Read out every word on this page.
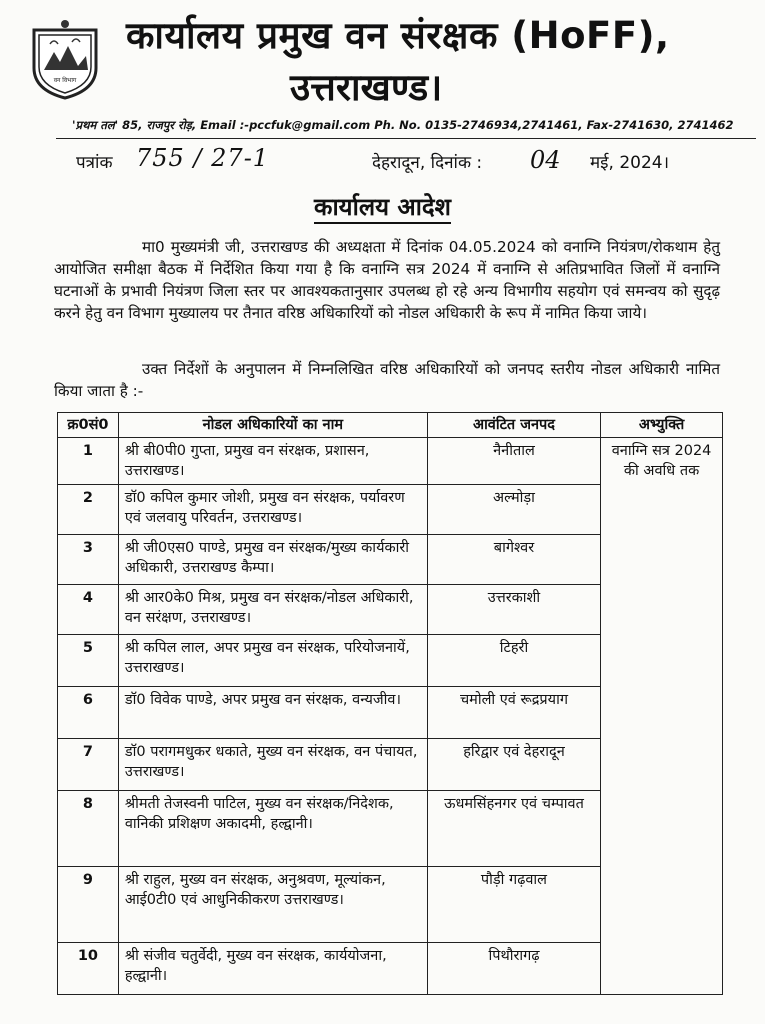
वन विभाग
कार्यालय प्रमुख वन संरक्षक (HoFF),
उत्तराखण्ड।
'प्रथम तल' 85, राजपुर रोड़, Email :-pccfuk@gmail.com Ph. No. 0135-2746934,2741461, Fax-2741630, 2741462
पत्रांक 755 / 27-1	देहरादून, दिनांक : 04 मई, 2024।
कार्यालय आदेश
मा0 मुख्यमंत्री जी, उत्तराखण्ड की अध्यक्षता में दिनांक 04.05.2024 को वनाग्नि नियंत्रण/रोकथाम हेतु आयोजित समीक्षा बैठक में निर्देशित किया गया है कि वनाग्नि सत्र 2024 में वनाग्नि से अतिप्रभावित जिलों में वनाग्नि घटनाओं के प्रभावी नियंत्रण जिला स्तर पर आवश्यकतानुसार उपलब्ध हो रहे अन्य विभागीय सहयोग एवं समन्वय को सुदृढ़ करने हेतु वन विभाग मुख्यालय पर तैनात वरिष्ठ अधिकारियों को नोडल अधिकारी के रूप में नामित किया जाये।
उक्त निर्देशों के अनुपालन में निम्नलिखित वरिष्ठ अधिकारियों को जनपद स्तरीय नोडल अधिकारी नामित किया जाता है :-
क्र0सं0	नोडल अधिकारियों का नाम	आवंटित जनपद	अभ्युक्ति
1	श्री बी0पी0 गुप्ता, प्रमुख वन संरक्षक, प्रशासन, उत्तराखण्ड।	नैनीताल	वनाग्नि सत्र 2024 की अवधि तक
2	डॉ0 कपिल कुमार जोशी, प्रमुख वन संरक्षक, पर्यावरण एवं जलवायु परिवर्तन, उत्तराखण्ड।	अल्मोड़ा	
3	श्री जी0एस0 पाण्डे, प्रमुख वन संरक्षक/मुख्य कार्यकारी अधिकारी, उत्तराखण्ड कैम्पा।	बागेश्वर	
4	श्री आर0के0 मिश्र, प्रमुख वन संरक्षक/नोडल अधिकारी, वन सरंक्षण, उत्तराखण्ड।	उत्तरकाशी	
5	श्री कपिल लाल, अपर प्रमुख वन संरक्षक, परियोजनायें, उत्तराखण्ड।	टिहरी	
6	डॉ0 विवेक पाण्डे, अपर प्रमुख वन संरक्षक, वन्यजीव।	चमोली एवं रूद्रप्रयाग	
7	डॉ0 परागमधुकर धकाते, मुख्य वन संरक्षक, वन पंचायत, उत्तराखण्ड।	हरिद्वार एवं देहरादून	
8	श्रीमती तेजस्वनी पाटिल, मुख्य वन संरक्षक/निदेशक, वानिकी प्रशिक्षण अकादमी, हल्द्वानी।	ऊधमसिंहनगर एवं चम्पावत	
9	श्री राहुल, मुख्य वन संरक्षक, अनुश्रवण, मूल्यांकन, आई0टी0 एवं आधुनिकीकरण उत्तराखण्ड।	पौड़ी गढ़वाल	
10	श्री संजीव चतुर्वेदी, मुख्य वन संरक्षक, कार्ययोजना, हल्द्वानी।	पिथौरागढ़	
